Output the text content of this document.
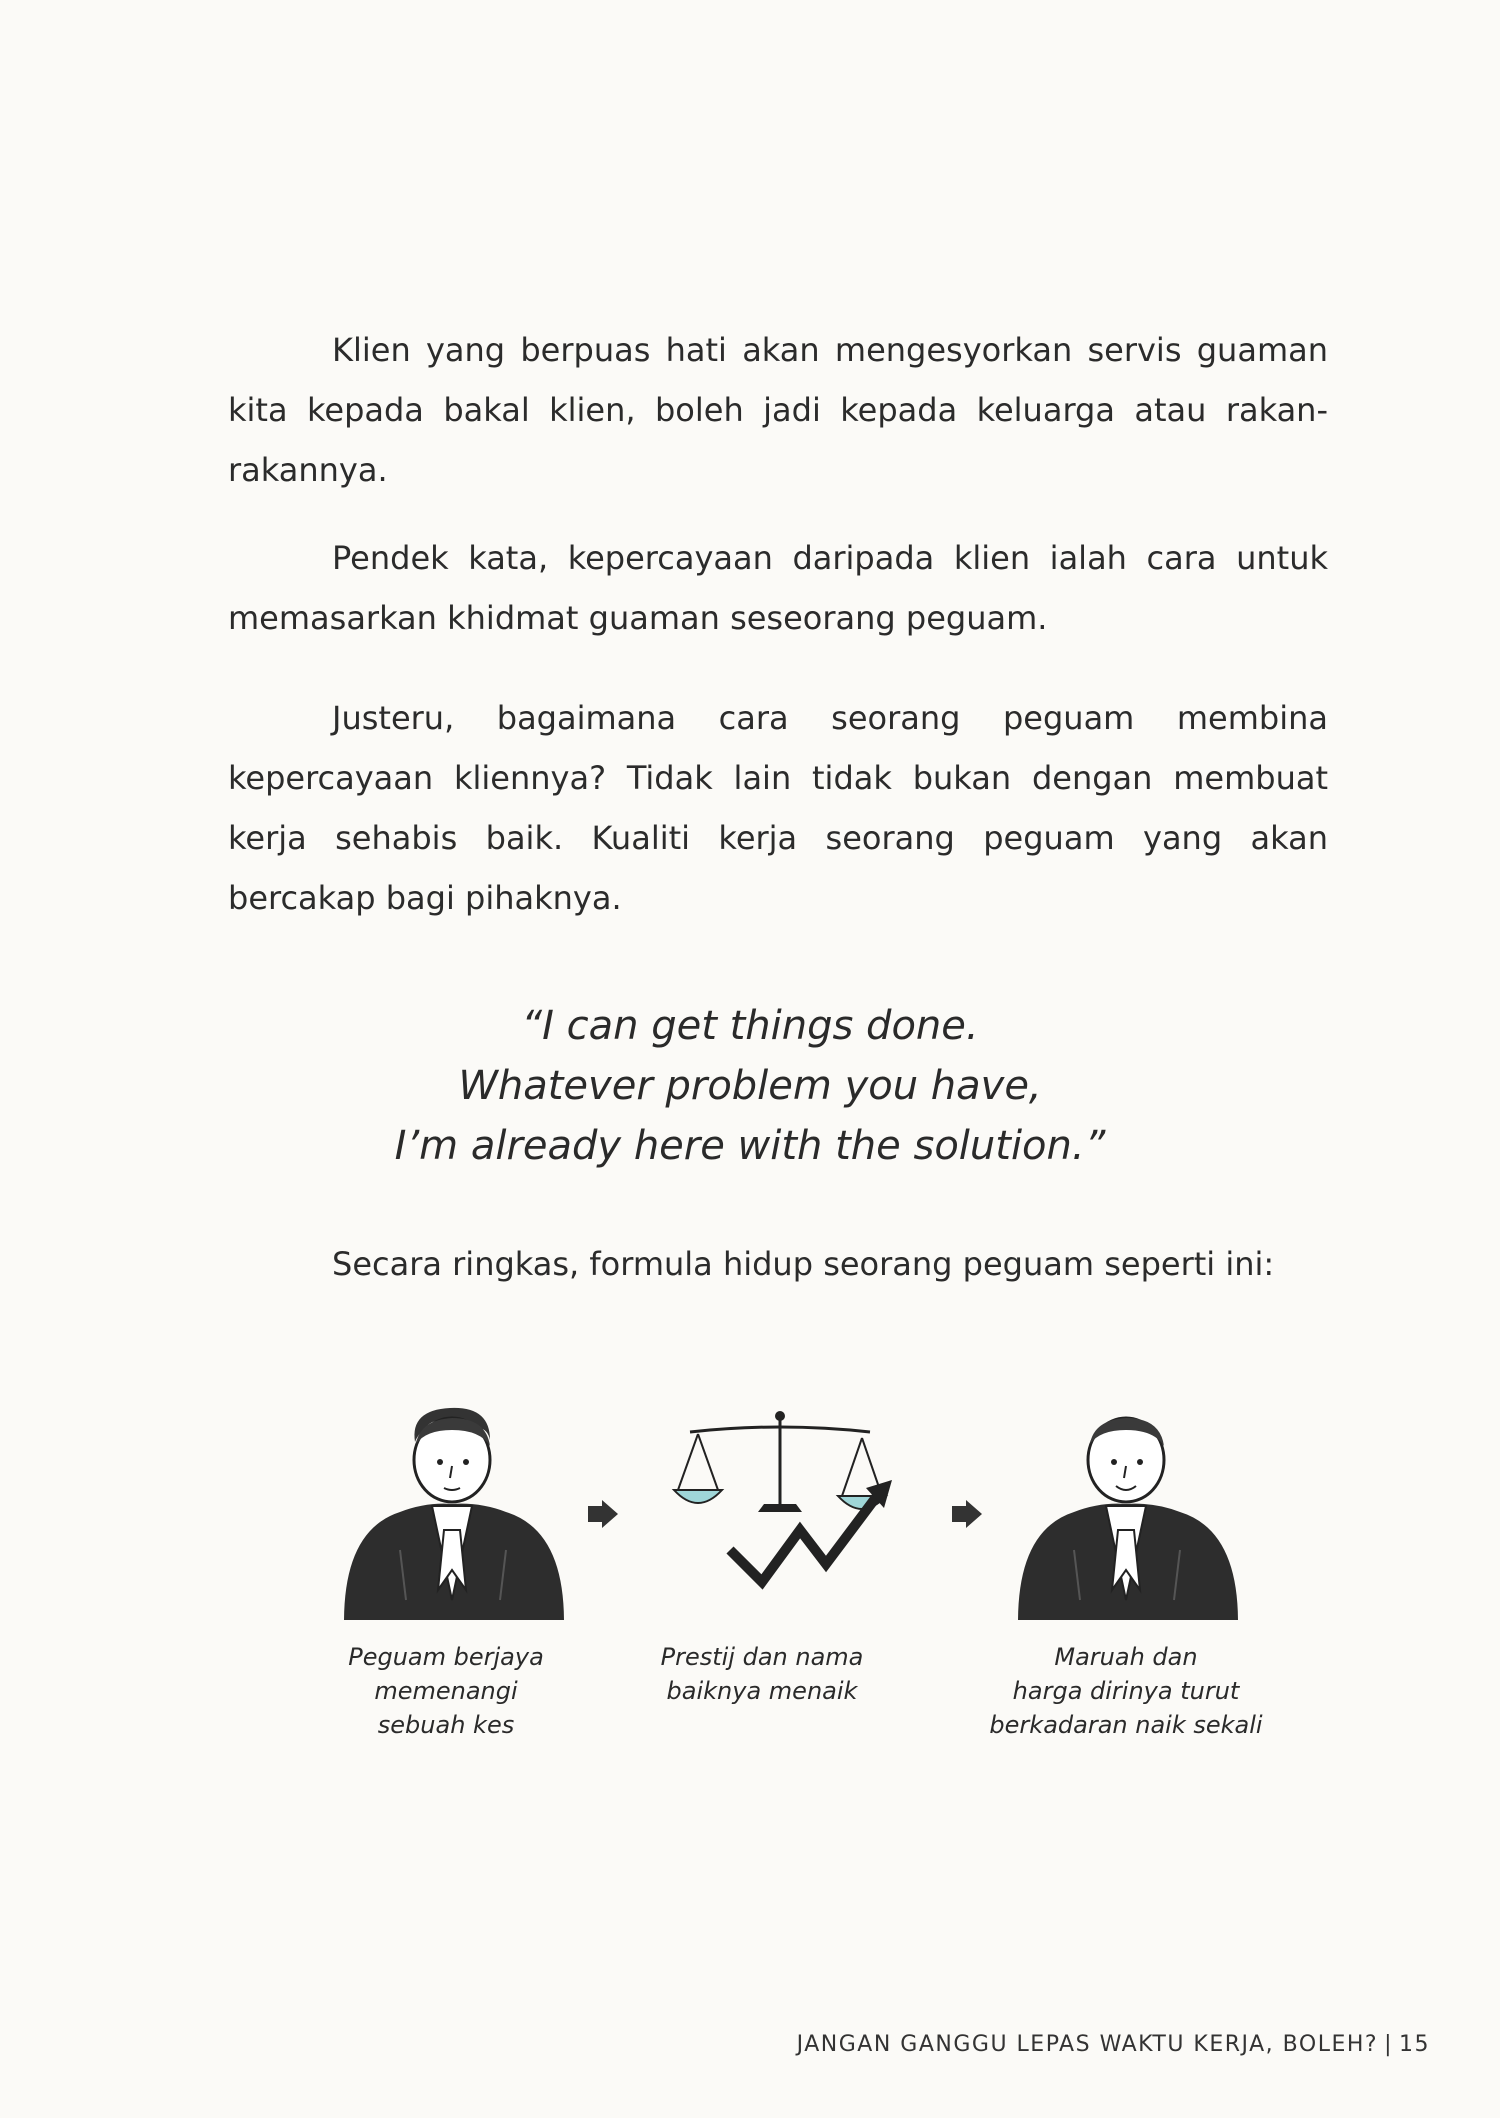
Klien yang berpuas hati akan mengesyorkan servis guaman kita kepada bakal klien, boleh jadi kepada keluarga atau rakan-rakannya.

Pendek kata, kepercayaan daripada klien ialah cara untuk memasarkan khidmat guaman seseorang peguam.

Justeru, bagaimana cara seorang peguam membina kepercayaan kliennya? Tidak lain tidak bukan dengan membuat kerja sehabis baik. Kualiti kerja seorang peguam yang akan bercakap bagi pihaknya.

“I can get things done.
Whatever problem you have,
I’m already here with the solution.”

Secara ringkas, formula hidup seorang peguam seperti ini:

Peguam berjaya
memenangi
sebuah kes

Prestij dan nama
baiknya menaik

Maruah dan
harga dirinya turut
berkadaran naik sekali

JANGAN GANGGU LEPAS WAKTU KERJA, BOLEH? | 15
